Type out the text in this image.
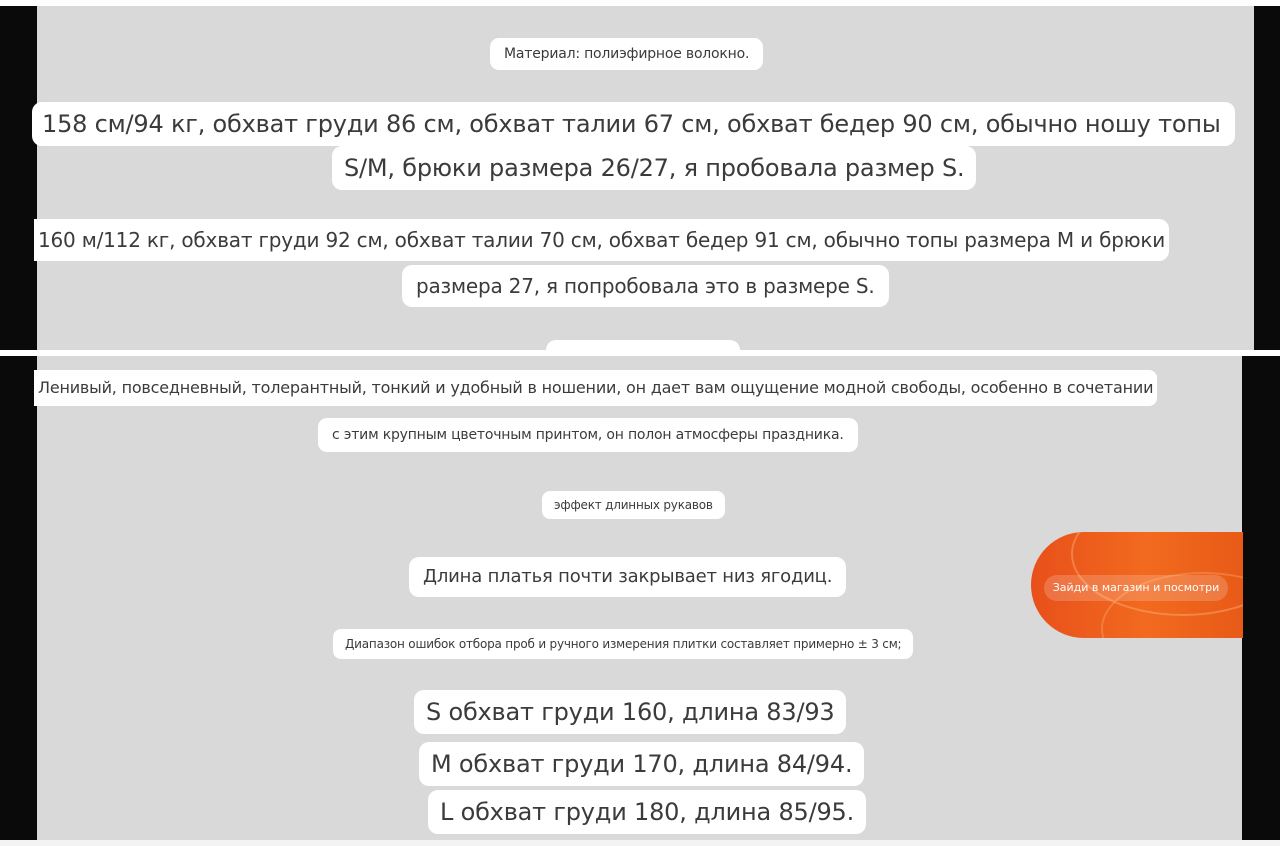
Материал: полиэфирное волокно.
158 см/94 кг, обхват груди 86 см, обхват талии 67 см, обхват бедер 90 см, обычно ношу топы
S/M, брюки размера 26/27, я пробовала размер S.
160 м/112 кг, обхват груди 92 см, обхват талии 70 см, обхват бедер 91 см, обычно топы размера M и брюки
размера 27, я попробовала это в размере S.
Ленивый, повседневный, толерантный, тонкий и удобный в ношении, он дает вам ощущение модной свободы, особенно в сочетании
с этим крупным цветочным принтом, он полон атмосферы праздника.
эффект длинных рукавов
Длина платья почти закрывает низ ягодиц.
Диапазон ошибок отбора проб и ручного измерения плитки составляет примерно ± 3 см;
S обхват груди 160, длина 83/93
M обхват груди 170, длина 84/94.
L обхват груди 180, длина 85/95.
Зайди в магазин и посмотри
